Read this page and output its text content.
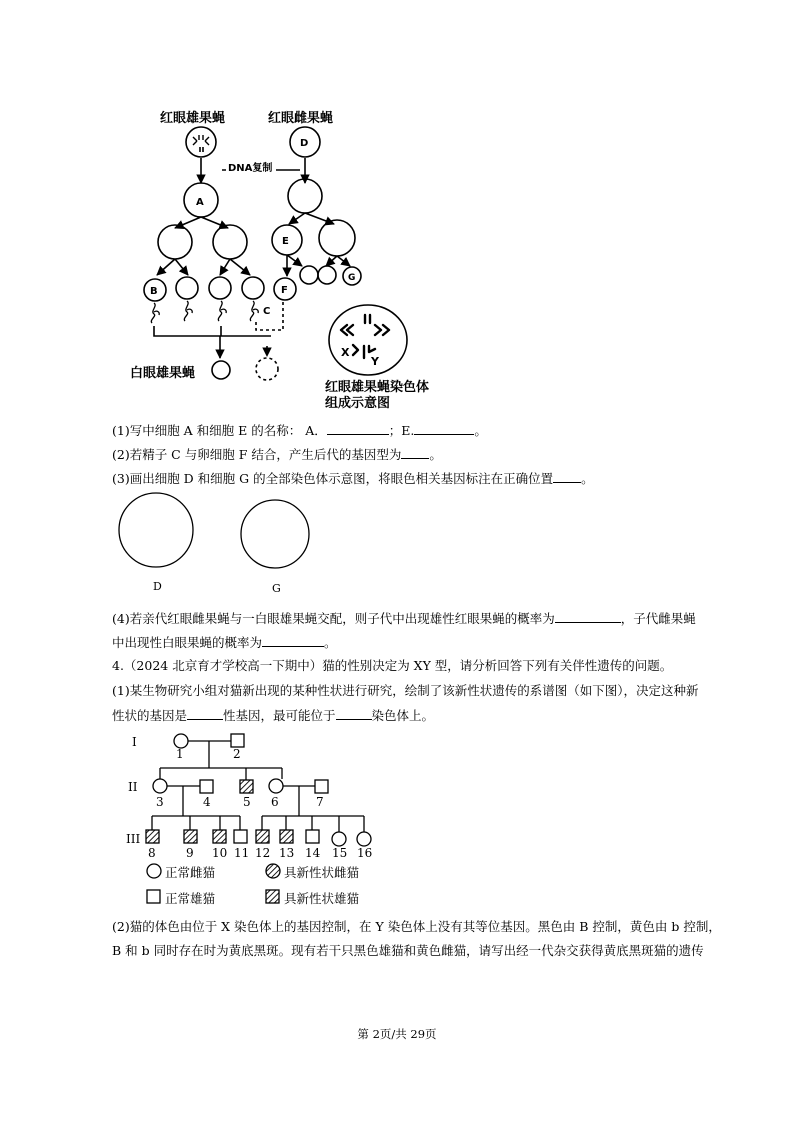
红眼雄果蝇	红眼雌果蝇
A
D
E
B	F
G
C
DNA复制
白眼雄果蝇
X
Y
红眼雄果蝇染色体
组成示意图
(1)写中细胞 A 和细胞 E 的名称： A．	；E.	。
(2)若精子 C 与卵细胞 F 结合，产生后代的基因型为 。
(3)画出细胞 D 和细胞 G 的全部染色体示意图，将眼色相关基因标注在正确位置 。
D	G
(4)若亲代红眼雌果蝇与一白眼雄果蝇交配，则子代中出现雄性红眼果蝇的概率为	，子代雌果蝇
中出现性白眼果蝇的概率为	。
4.（2024 北京育才学校高一下期中）猫的性别决定为 XY 型，请分析回答下列有关伴性遗传的问题。
(1)某生物研究小组对猫新出现的某种性状进行研究，绘制了该新性状遗传的系谱图（如下图），决定这种新
性状的基因是	性基因，最可能位于	染色体上。
I
II
III
1	2
3	4	5 6	7
8	9 10 11 12 13 14 15 16
正常雌猫	具新性状雌猫
正常雄猫	具新性状雄猫
(2)猫的体色由位于 X 染色体上的基因控制，在 Y 染色体上没有其等位基因。黑色由 B 控制，黄色由 b 控制，
B 和 b 同时存在时为黄底黑斑。现有若干只黑色雄猫和黄色雌猫，请写出经一代杂交获得黄底黑斑猫的遗传
第 2页/共 29页
